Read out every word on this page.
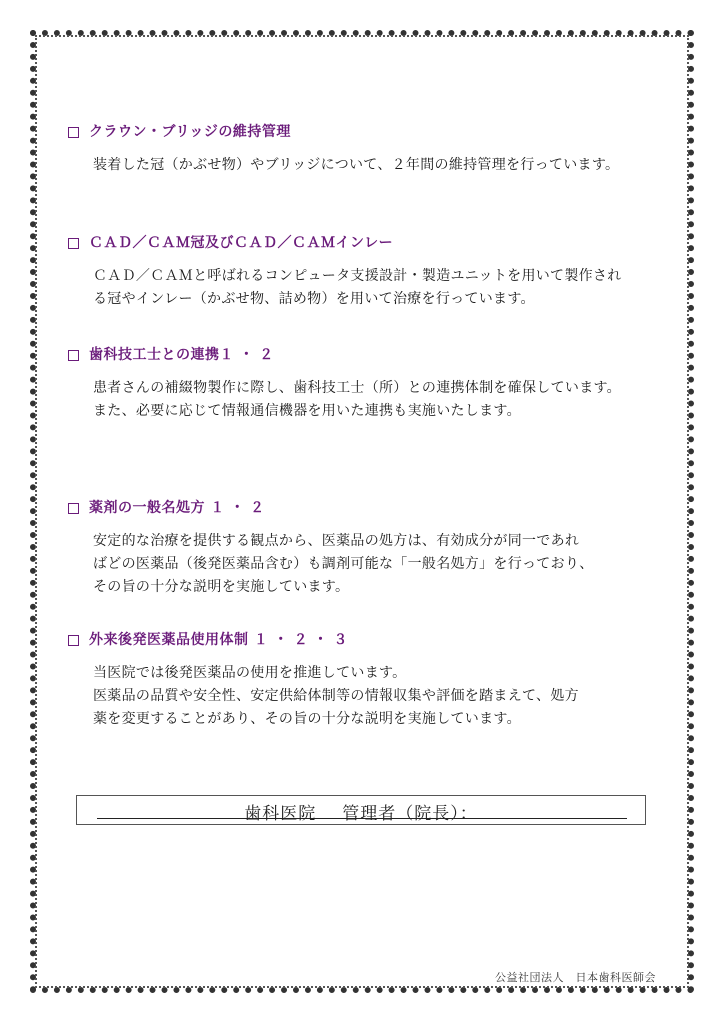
クラウン・ブリッジの維持管理

装着した冠（かぶせ物）やブリッジについて、２年間の維持管理を行っています。

ＣＡＤ／ＣＡＭ冠及びＣＡＤ／ＣＡＭインレー

ＣＡＤ／ＣＡＭと呼ばれるコンピュータ支援設計・製造ユニットを用いて製作され

る冠やインレー（かぶせ物、詰め物）を用いて治療を行っています。

歯科技工士との連携１ ・ ２

患者さんの補綴物製作に際し、歯科技工士（所）との連携体制を確保しています。

また、必要に応じて情報通信機器を用いた連携も実施いたします。

薬剤の一般名処方 １ ・ ２

安定的な治療を提供する観点から、医薬品の処方は、有効成分が同一であれ

ばどの医薬品（後発医薬品含む）も調剤可能な「一般名処方」を行っており、

その旨の十分な説明を実施しています。

外来後発医薬品使用体制 １ ・ ２ ・ ３

当医院では後発医薬品の使用を推進しています。

医薬品の品質や安全性、安定供給体制等の情報収集や評価を踏まえて、処方

薬を変更することがあり、その旨の十分な説明を実施しています。

歯科医院 管理者（院長）：
公益社団法人　日本歯科医師会
